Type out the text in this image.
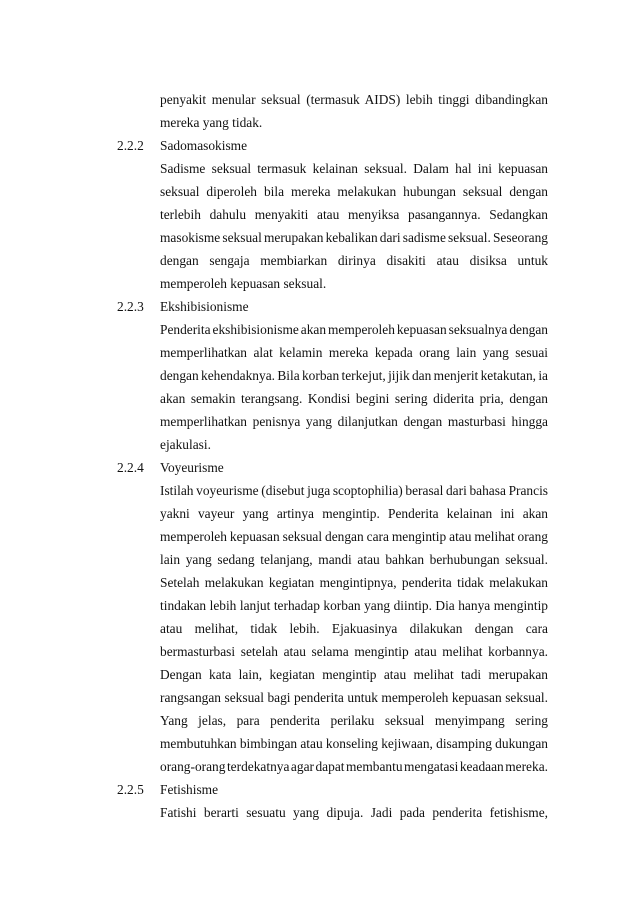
penyakit menular seksual (termasuk AIDS) lebih tinggi dibandingkan
mereka yang tidak.
2.2.2 Sadomasokisme
Sadisme seksual termasuk kelainan seksual. Dalam hal ini kepuasan
seksual diperoleh bila mereka melakukan hubungan seksual dengan
terlebih dahulu menyakiti atau menyiksa pasangannya. Sedangkan
masokisme seksual merupakan kebalikan dari sadisme seksual. Seseorang
dengan sengaja membiarkan dirinya disakiti atau disiksa untuk
memperoleh kepuasan seksual.
2.2.3 Ekshibisionisme
Penderita ekshibisionisme akan memperoleh kepuasan seksualnya dengan
memperlihatkan alat kelamin mereka kepada orang lain yang sesuai
dengan kehendaknya. Bila korban terkejut, jijik dan menjerit ketakutan, ia
akan semakin terangsang. Kondisi begini sering diderita pria, dengan
memperlihatkan penisnya yang dilanjutkan dengan masturbasi hingga
ejakulasi.
2.2.4 Voyeurisme
Istilah voyeurisme (disebut juga scoptophilia) berasal dari bahasa Prancis
yakni vayeur yang artinya mengintip. Penderita kelainan ini akan
memperoleh kepuasan seksual dengan cara mengintip atau melihat orang
lain yang sedang telanjang, mandi atau bahkan berhubungan seksual.
Setelah melakukan kegiatan mengintipnya, penderita tidak melakukan
tindakan lebih lanjut terhadap korban yang diintip. Dia hanya mengintip
atau melihat, tidak lebih. Ejakuasinya dilakukan dengan cara
bermasturbasi setelah atau selama mengintip atau melihat korbannya.
Dengan kata lain, kegiatan mengintip atau melihat tadi merupakan
rangsangan seksual bagi penderita untuk memperoleh kepuasan seksual.
Yang jelas, para penderita perilaku seksual menyimpang sering
membutuhkan bimbingan atau konseling kejiwaan, disamping dukungan
orang-orang terdekatnya agar dapat membantu mengatasi keadaan mereka.
2.2.5 Fetishisme
Fatishi berarti sesuatu yang dipuja. Jadi pada penderita fetishisme,
